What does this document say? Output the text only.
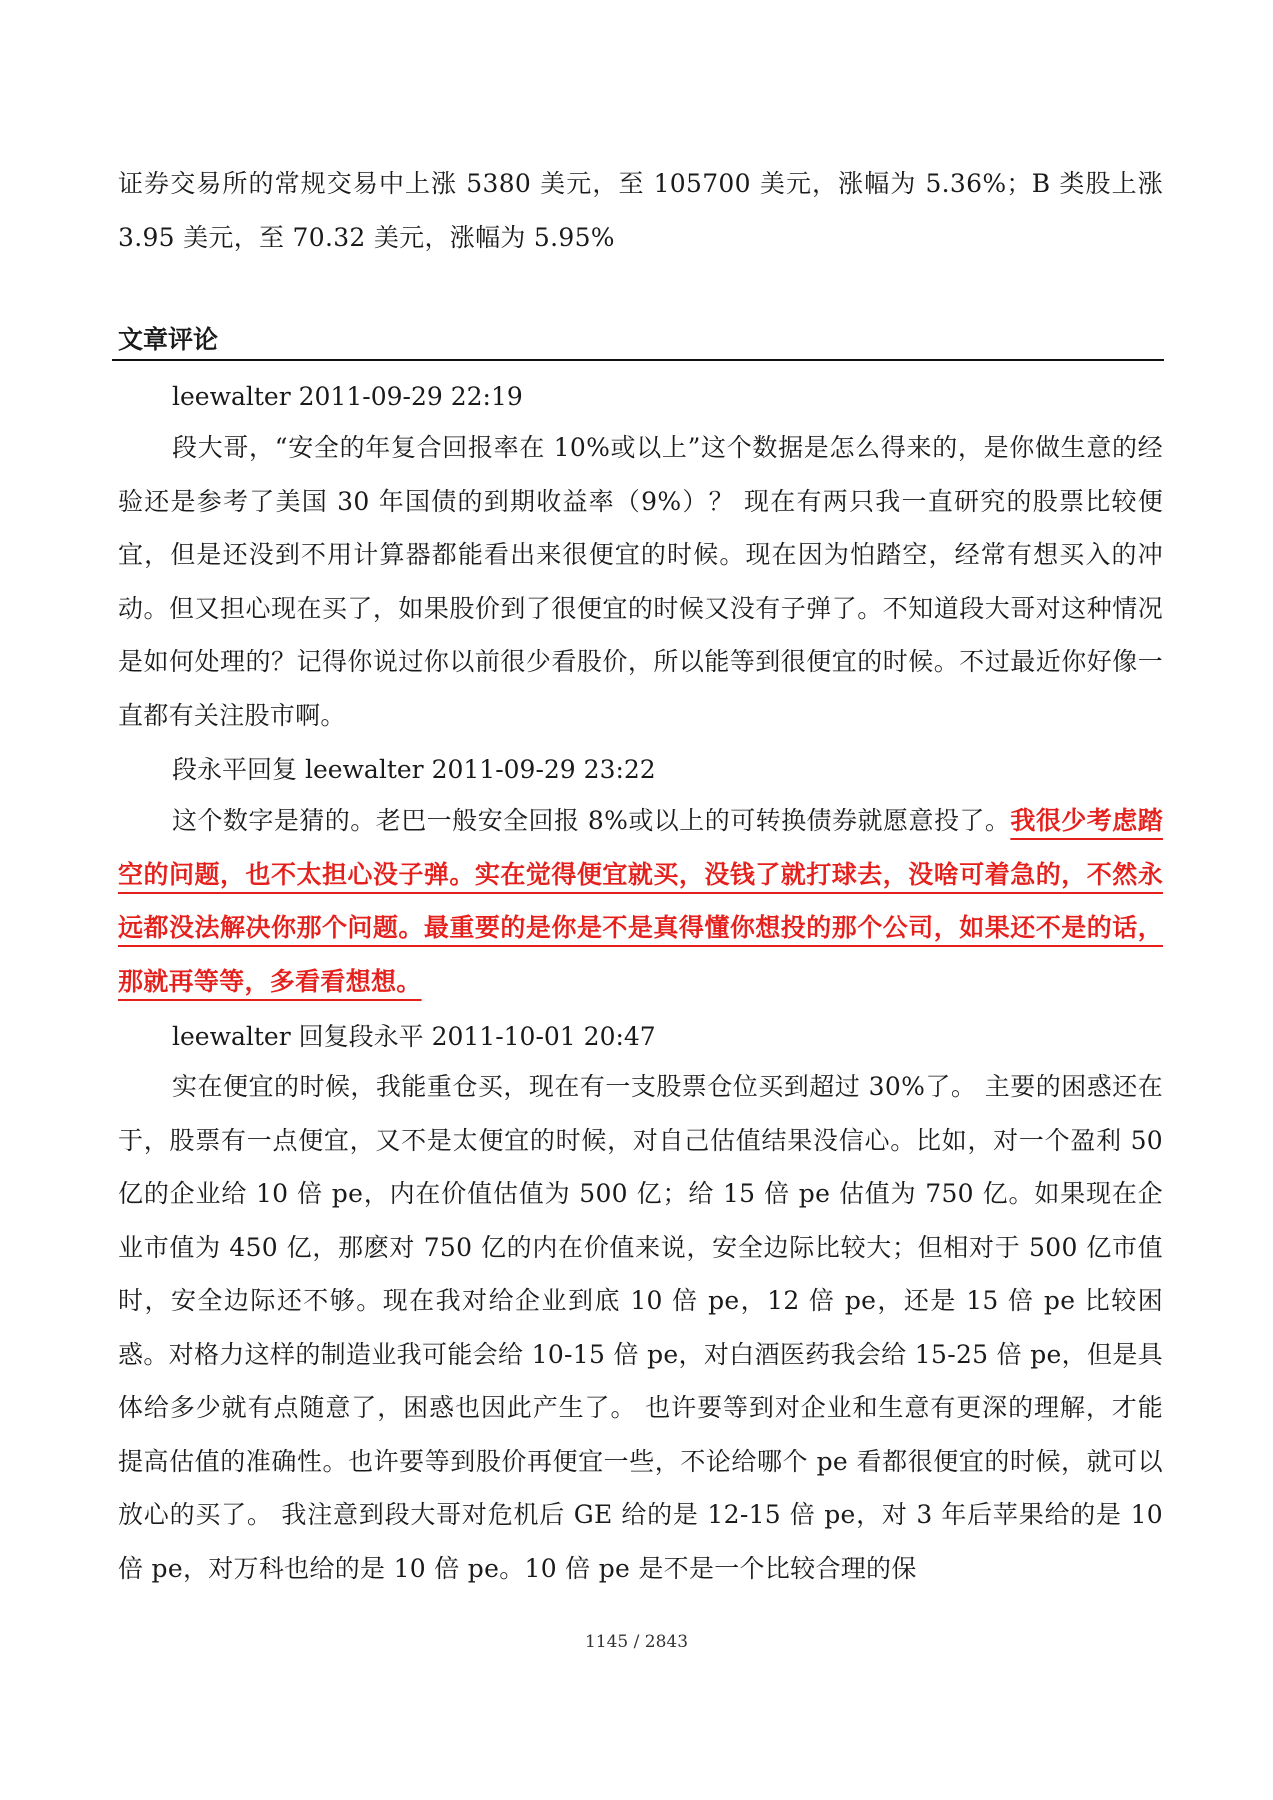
证券交易所的常规交易中上涨 5380 美元，至 105700 美元，涨幅为 5.36%；B 类股上涨 3.95 美元，至 70.32 美元，涨幅为 5.95%

文章评论

leewalter 2011-09-29 22:19

段大哥，“安全的年复合回报率在 10%或以上”这个数据是怎么得来的，是你做生意的经验还是参考了美国 30 年国债的到期收益率（9%）？ 现在有两只我一直研究的股票比较便宜，但是还没到不用计算器都能看出来很便宜的时候。现在因为怕踏空，经常有想买入的冲动。但又担心现在买了，如果股价到了很便宜的时候又没有子弹了。不知道段大哥对这种情况是如何处理的？记得你说过你以前很少看股价，所以能等到很便宜的时候。不过最近你好像一直都有关注股市啊。

段永平回复 leewalter 2011-09-29 23:22

这个数字是猜的。老巴一般安全回报 8%或以上的可转换债券就愿意投了。我很少考虑踏空的问题，也不太担心没子弹。实在觉得便宜就买，没钱了就打球去，没啥可着急的，不然永远都没法解决你那个问题。最重要的是你是不是真得懂你想投的那个公司，如果还不是的话，那就再等等，多看看想想。

leewalter 回复段永平 2011-10-01 20:47

实在便宜的时候，我能重仓买，现在有一支股票仓位买到超过 30%了。 主要的困惑还在于，股票有一点便宜，又不是太便宜的时候，对自己估值结果没信心。比如，对一个盈利 50 亿的企业给 10 倍 pe，内在价值估值为 500 亿；给 15 倍 pe 估值为 750 亿。如果现在企业市值为 450 亿，那麽对 750 亿的内在价值来说，安全边际比较大；但相对于 500 亿市值时，安全边际还不够。现在我对给企业到底 10 倍 pe，12 倍 pe，还是 15 倍 pe 比较困惑。对格力这样的制造业我可能会给 10-15 倍 pe，对白酒医药我会给 15-25 倍 pe，但是具体给多少就有点随意了，困惑也因此产生了。 也许要等到对企业和生意有更深的理解，才能提高估值的准确性。也许要等到股价再便宜一些，不论给哪个 pe 看都很便宜的时候，就可以放心的买了。 我注意到段大哥对危机后 GE 给的是 12-15 倍 pe，对 3 年后苹果给的是 10 倍 pe，对万科也给的是 10 倍 pe。10 倍 pe 是不是一个比较合理的保

1145 / 2843
